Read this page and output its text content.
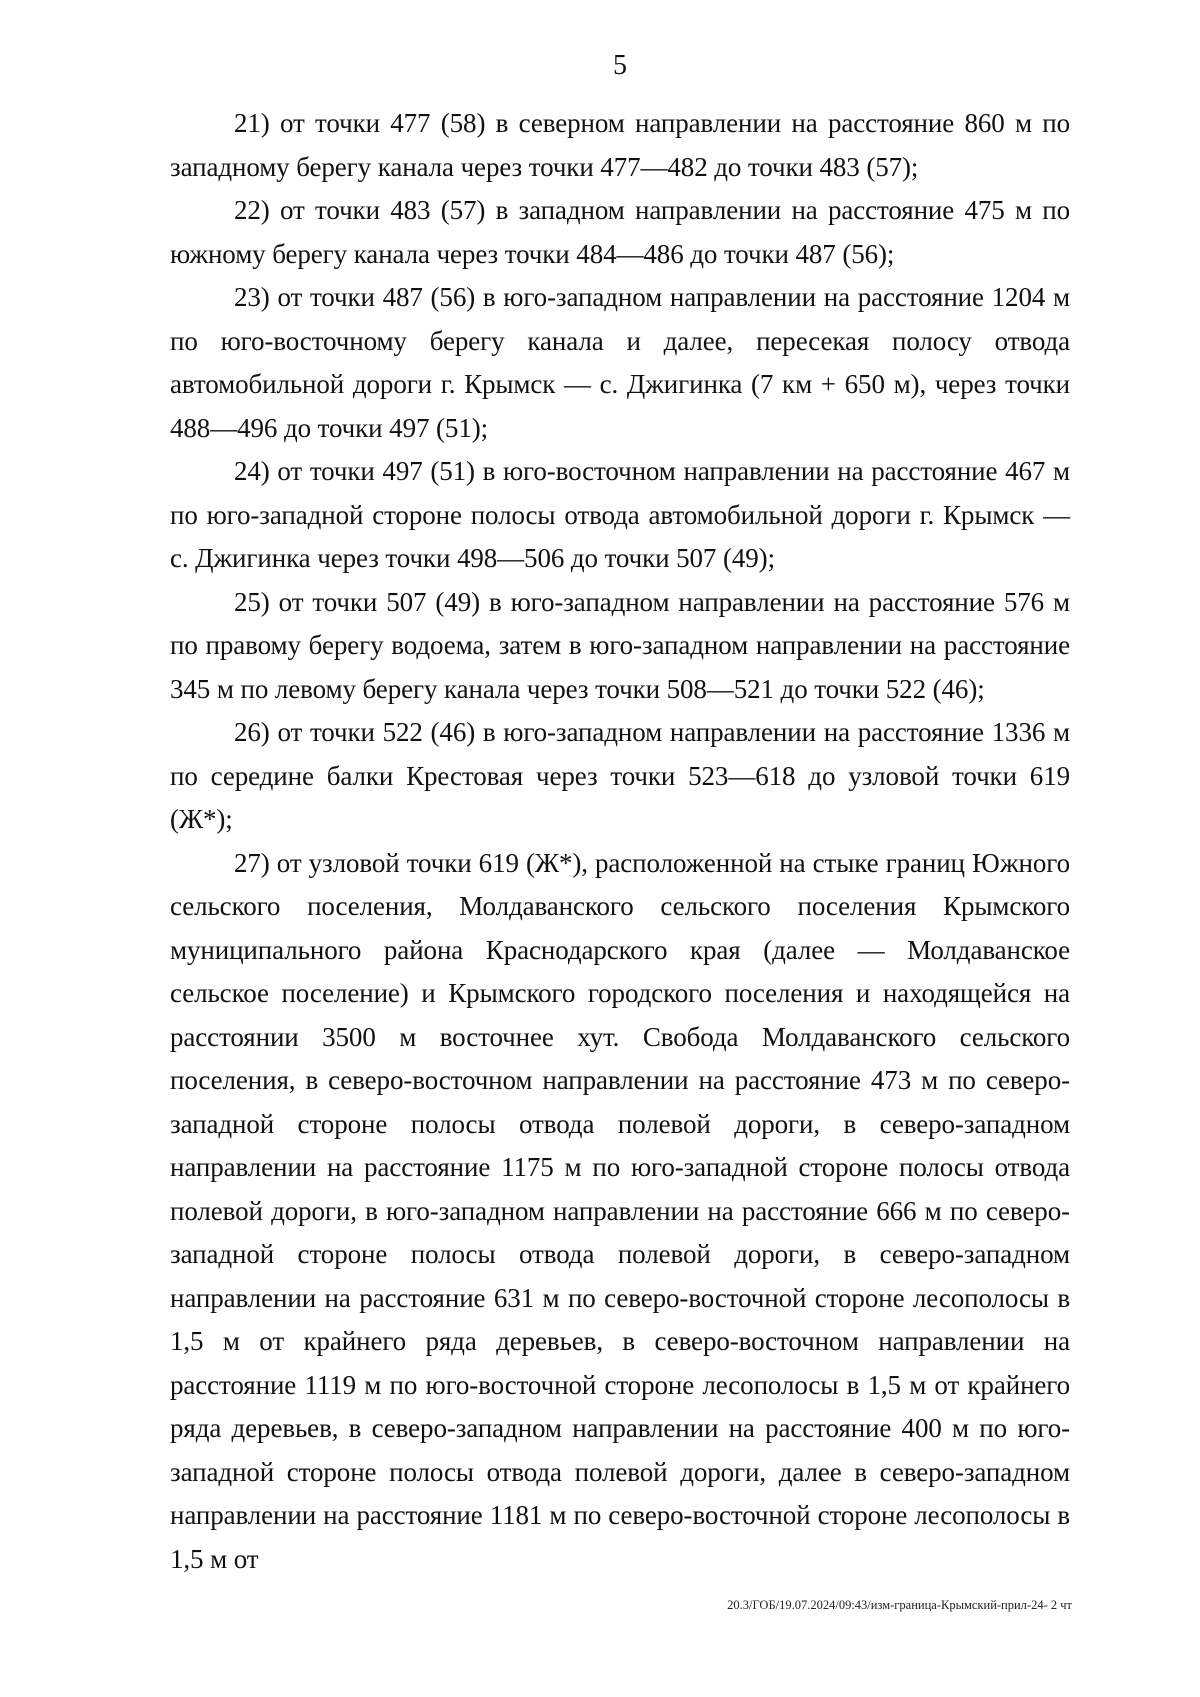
5

21) от точки 477 (58) в северном направлении на расстояние 860 м по западному берегу канала через точки 477—482 до точки 483 (57);

22) от точки 483 (57) в западном направлении на расстояние 475 м по южному берегу канала через точки 484—486 до точки 487 (56);

23) от точки 487 (56) в юго-западном направлении на расстояние 1204 м по юго-восточному берегу канала и далее, пересекая полосу отвода автомобильной дороги г. Крымск — с. Джигинка (7 км + 650 м), через точки 488—496 до точки 497 (51);

24) от точки 497 (51) в юго-восточном направлении на расстояние 467 м по юго-западной стороне полосы отвода автомобильной дороги г. Крымск — с. Джигинка через точки 498—506 до точки 507 (49);

25) от точки 507 (49) в юго-западном направлении на расстояние 576 м по правому берегу водоема, затем в юго-западном направлении на расстояние 345 м по левому берегу канала через точки 508—521 до точки 522 (46);

26) от точки 522 (46) в юго-западном направлении на расстояние 1336 м по середине балки Крестовая через точки 523—618 до узловой точки 619 (Ж*);

27) от узловой точки 619 (Ж*), расположенной на стыке границ Южного сельского поселения, Молдаванского сельского поселения Крымского муниципального района Краснодарского края (далее — Молдаванское сельское поселение) и Крымского городского поселения и находящейся на расстоянии 3500 м восточнее хут. Свобода Молдаванского сельского поселения, в северо-восточном направлении на расстояние 473 м по северо-западной стороне полосы отвода полевой дороги, в северо-западном направлении на расстояние 1175 м по юго-западной стороне полосы отвода полевой дороги, в юго-западном направлении на расстояние 666 м по северо-западной стороне полосы отвода полевой дороги, в северо-западном направлении на расстояние 631 м по северо-восточной стороне лесополосы в 1,5 м от крайнего ряда деревьев, в северо-восточном направлении на расстояние 1119 м по юго-восточной стороне лесополосы в 1,5 м от крайнего ряда деревьев, в северо-западном направлении на расстояние 400 м по юго-западной стороне полосы отвода полевой дороги, далее в северо-западном направлении на расстояние 1181 м по северо-восточной стороне лесополосы в 1,5 м от

20.3/ГОБ/19.07.2024/09:43/изм-граница-Крымский-прил-24- 2 чт
